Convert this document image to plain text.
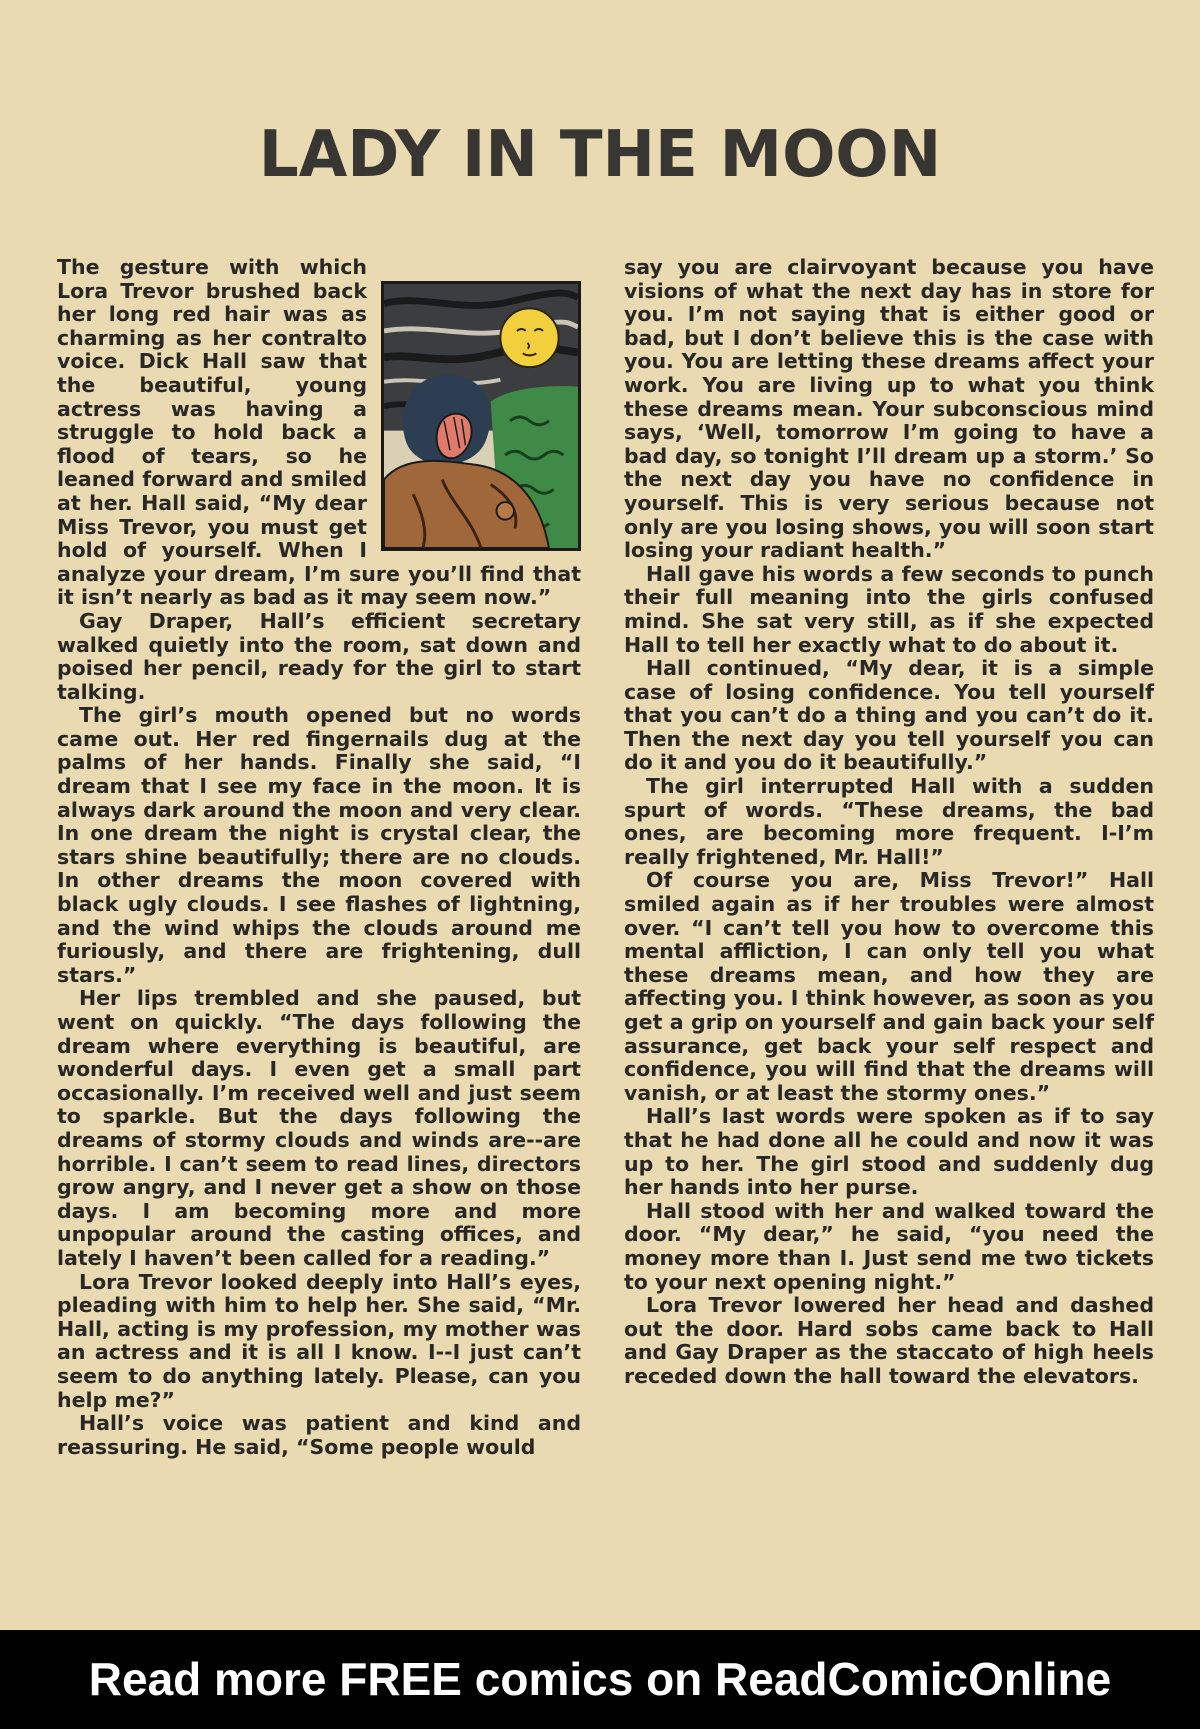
LADY IN THE MOON

The gesture with which Lora Trevor brushed back her long red hair was as charming as her contralto voice. Dick Hall saw that the beautiful, young actress was having a struggle to hold back a flood of tears, so he leaned forward and smiled at her. Hall said, “My dear Miss Trevor, you must get hold of yourself. When I analyze your dream, I’m sure you’ll find that it isn’t nearly as bad as it may seem now.”

Gay Draper, Hall’s efficient secretary walked quietly into the room, sat down and poised her pencil, ready for the girl to start talking.

The girl’s mouth opened but no words came out. Her red fingernails dug at the palms of her hands. Finally she said, “I dream that I see my face in the moon. It is always dark around the moon and very clear. In one dream the night is crystal clear, the stars shine beautifully; there are no clouds. In other dreams the moon covered with black ugly clouds. I see flashes of lightning, and the wind whips the clouds around me furiously, and there are frightening, dull stars.”

Her lips trembled and she paused, but went on quickly. “The days following the dream where everything is beautiful, are wonderful days. I even get a small part occasionally. I’m received well and just seem to sparkle. But the days following the dreams of stormy clouds and winds are--are horrible. I can’t seem to read lines, directors grow angry, and I never get a show on those days. I am becoming more and more unpopular around the casting offices, and lately I haven’t been called for a reading.”

Lora Trevor looked deeply into Hall’s eyes, pleading with him to help her. She said, “Mr. Hall, acting is my profession, my mother was an actress and it is all I know. I--I just can’t seem to do anything lately. Please, can you help me?”

Hall’s voice was patient and kind and reassuring. He said, “Some people would

say you are clairvoyant because you have visions of what the next day has in store for you. I’m not saying that is either good or bad, but I don’t believe this is the case with you. You are letting these dreams affect your work. You are living up to what you think these dreams mean. Your subconscious mind says, ‘Well, tomorrow I’m going to have a bad day, so tonight I’ll dream up a storm.’ So the next day you have no confidence in yourself. This is very serious because not only are you losing shows, you will soon start losing your radiant health.”

Hall gave his words a few seconds to punch their full meaning into the girls confused mind. She sat very still, as if she expected Hall to tell her exactly what to do about it.

Hall continued, “My dear, it is a simple case of losing confidence. You tell yourself that you can’t do a thing and you can’t do it. Then the next day you tell yourself you can do it and you do it beautifully.”

The girl interrupted Hall with a sudden spurt of words. “These dreams, the bad ones, are becoming more frequent. I-I’m really frightened, Mr. Hall!”

Of course you are, Miss Trevor!” Hall smiled again as if her troubles were almost over. “I can’t tell you how to overcome this mental affliction, I can only tell you what these dreams mean, and how they are affecting you. I think however, as soon as you get a grip on yourself and gain back your self assurance, get back your self respect and confidence, you will find that the dreams will vanish, or at least the stormy ones.”

Hall’s last words were spoken as if to say that he had done all he could and now it was up to her. The girl stood and suddenly dug her hands into her purse.

Hall stood with her and walked toward the door. “My dear,” he said, “you need the money more than I. Just send me two tickets to your next opening night.”

Lora Trevor lowered her head and dashed out the door. Hard sobs came back to Hall and Gay Draper as the staccato of high heels receded down the hall toward the elevators.

Read more FREE comics on ReadComicOnline
